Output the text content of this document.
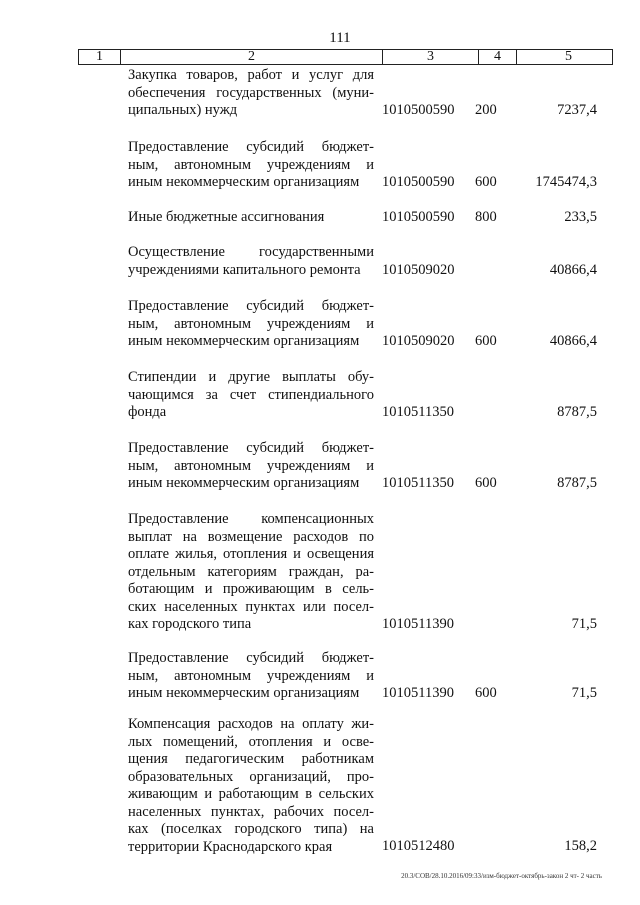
111
1	2	3	4	5
Закупка товаров, работ и услуг для обеспечения государственных (муни-ципальных) нужд	1010500590 200	7237,4
Предоставление субсидий бюджет-ным, автономным учреждениям и иным некоммерческим организациям	1010500590 600	1745474,3
Иные бюджетные ассигнования	1010500590 800	233,5
Осуществление государственными учреждениями капитального ремонта	1010509020	40866,4
Предоставление субсидий бюджет-ным, автономным учреждениям и иным некоммерческим организациям	1010509020 600	40866,4
Стипендии и другие выплаты обу-чающимся за счет стипендиального фонда	1010511350	8787,5
Предоставление субсидий бюджет-ным, автономным учреждениям и иным некоммерческим организациям	1010511350 600	8787,5
Предоставление компенсационных выплат на возмещение расходов по оплате жилья, отопления и освещения отдельным категориям граждан, ра-ботающим и проживающим в сель-ских населенных пунктах или посел-ках городского типа	1010511390	71,5
Предоставление субсидий бюджет-ным, автономным учреждениям и иным некоммерческим организациям	1010511390 600	71,5
Компенсация расходов на оплату жи-лых помещений, отопления и осве-щения педагогическим работникам образовательных организаций, про-живающим и работающим в сельских населенных пунктах, рабочих посел-ках (поселках городского типа) на территории Краснодарского края	1010512480	158,2
20.3/СОВ/28.10.2016/09:33/изм-бюджет-октябрь-закон 2 чт- 2 часть
